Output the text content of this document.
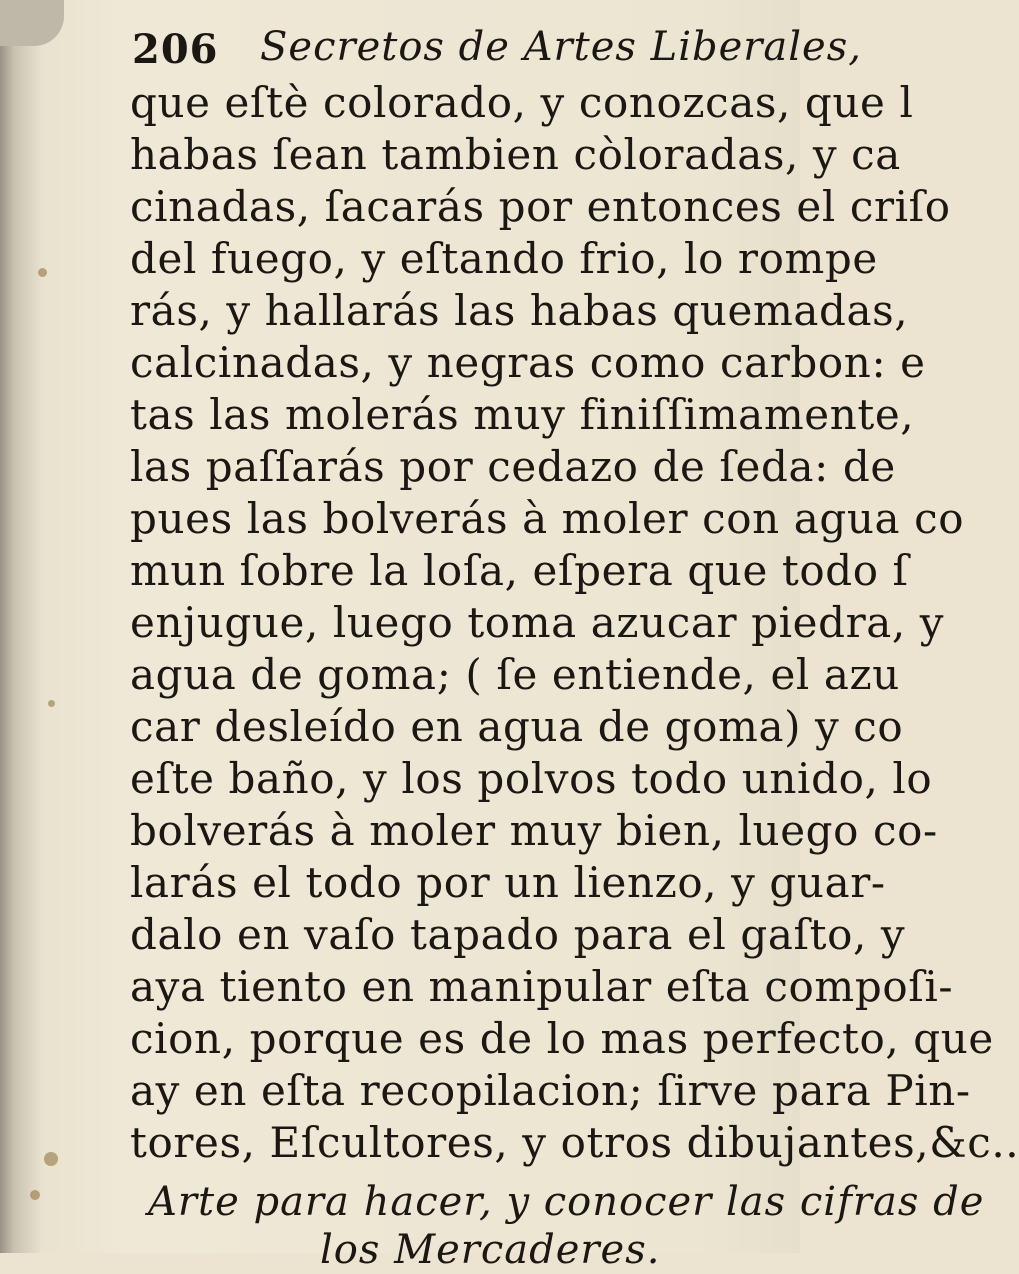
206 Secretos de Artes Liberales,
que eſtè colorado, y conozcas, que l
habas ſean tambien còloradas, y ca
cinadas, ſacarás por entonces el criſo
del fuego, y eſtando frio, lo rompe
rás, y hallarás las habas quemadas,
calcinadas, y negras como carbon: e
tas las molerás muy finiſſimamente,
las paſſarás por cedazo de ſeda: de
pues las bolverás à moler con agua co
mun ſobre la loſa, eſpera que todo ſ
enjugue, luego toma azucar piedra, y
agua de goma; ( ſe entiende, el azu
car desleído en agua de goma) y co
eſte baño, y los polvos todo unido, lo
bolverás à moler muy bien, luego co-
larás el todo por un lienzo, y guar-
dalo en vaſo tapado para el gaſto, y
aya tiento en manipular eſta compoſi-
cion, porque es de lo mas perfecto, que
ay en eſta recopilacion; ſirve para Pin-
tores, Eſcultores, y otros dibujantes,&c..
Arte para hacer, y conocer las cifras de
los Mercaderes.
